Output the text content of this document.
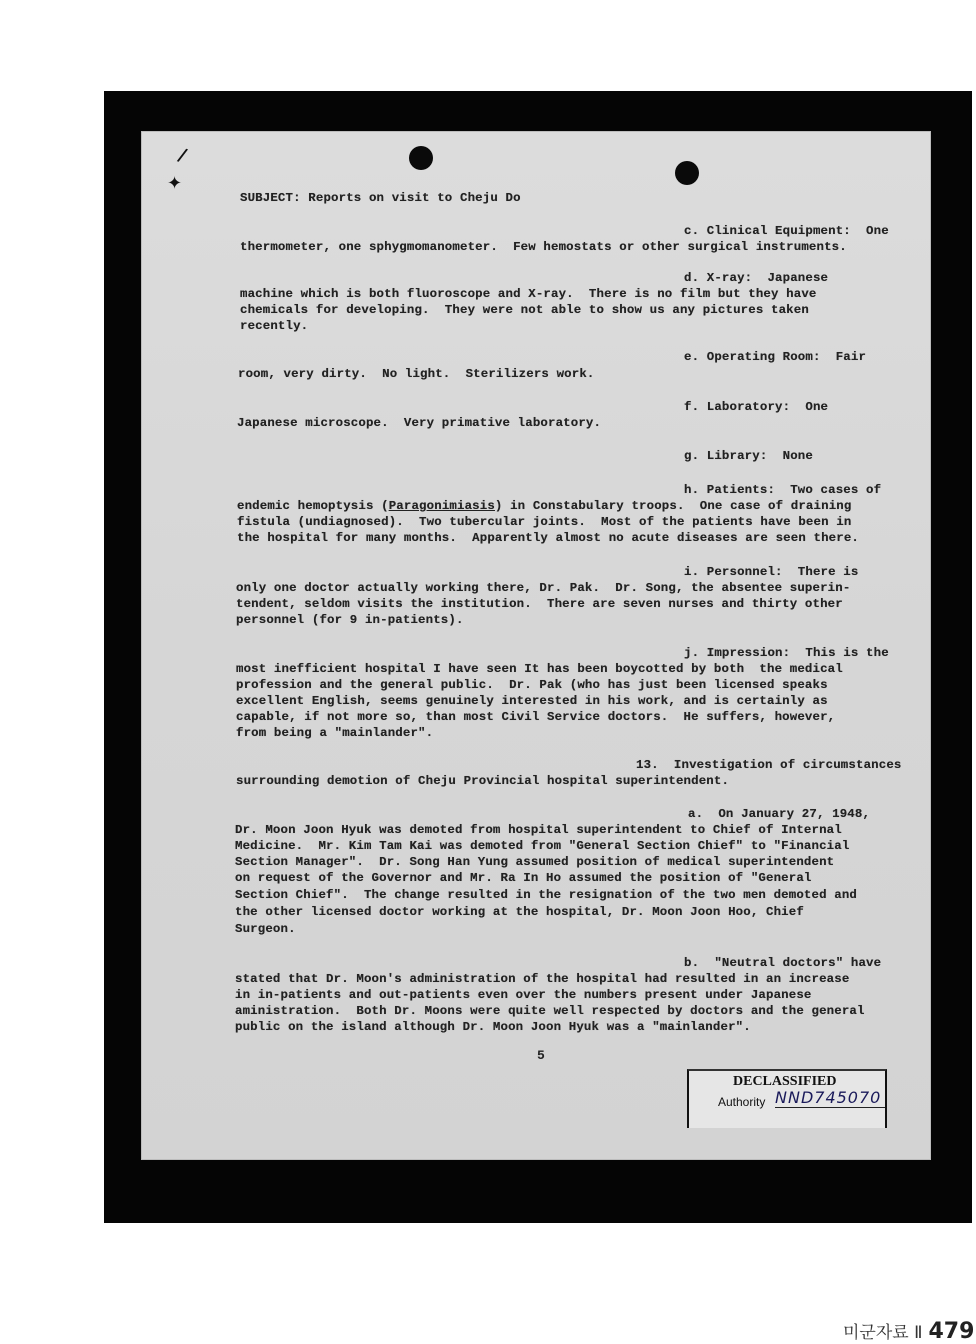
/
✦
SUBJECT: Reports on visit to Cheju Do
c. Clinical Equipment:  One
thermometer, one sphygmomanometer.  Few hemostats or other surgical instruments.
d. X-ray:  Japanese
machine which is both fluoroscope and X-ray.  There is no film but they have
chemicals for developing.  They were not able to show us any pictures taken
recently.
e. Operating Room:  Fair
room, very dirty.  No light.  Sterilizers work.
f. Laboratory:  One
Japanese microscope.  Very primative laboratory.
g. Library:  None
h. Patients:  Two cases of
endemic hemoptysis (Paragonimiasis) in Constabulary troops.  One case of draining
fistula (undiagnosed).  Two tubercular joints.  Most of the patients have been in
the hospital for many months.  Apparently almost no acute diseases are seen there.
i. Personnel:  There is
only one doctor actually working there, Dr. Pak.  Dr. Song, the absentee superin-
tendent, seldom visits the institution.  There are seven nurses and thirty other
personnel (for 9 in-patients).
j. Impression:  This is the
most inefficient hospital I have seen It has been boycotted by both  the medical
profession and the general public.  Dr. Pak (who has just been licensed speaks
excellent English, seems genuinely interested in his work, and is certainly as
capable, if not more so, than most Civil Service doctors.  He suffers, however,
from being a "mainlander".
13.  Investigation of circumstances
surrounding demotion of Cheju Provincial hospital superintendent.
a.  On January 27, 1948,
Dr. Moon Joon Hyuk was demoted from hospital superintendent to Chief of Internal
Medicine.  Mr. Kim Tam Kai was demoted from "General Section Chief" to "Financial
Section Manager".  Dr. Song Han Yung assumed position of medical superintendent
on request of the Governor and Mr. Ra In Ho assumed the position of "General
Section Chief".  The change resulted in the resignation of the two men demoted and
the other licensed doctor working at the hospital, Dr. Moon Joon Hoo, Chief
Surgeon.
b.  "Neutral doctors" have
stated that Dr. Moon's administration of the hospital had resulted in an increase
in in-patients and out-patients even over the numbers present under Japanese
aministration.  Both Dr. Moons were quite well respected by doctors and the general
public on the island although Dr. Moon Joon Hyuk was a "mainlander".
5
DECLASSIFIED
Authority NND745070
미군자료 Ⅱ 479
